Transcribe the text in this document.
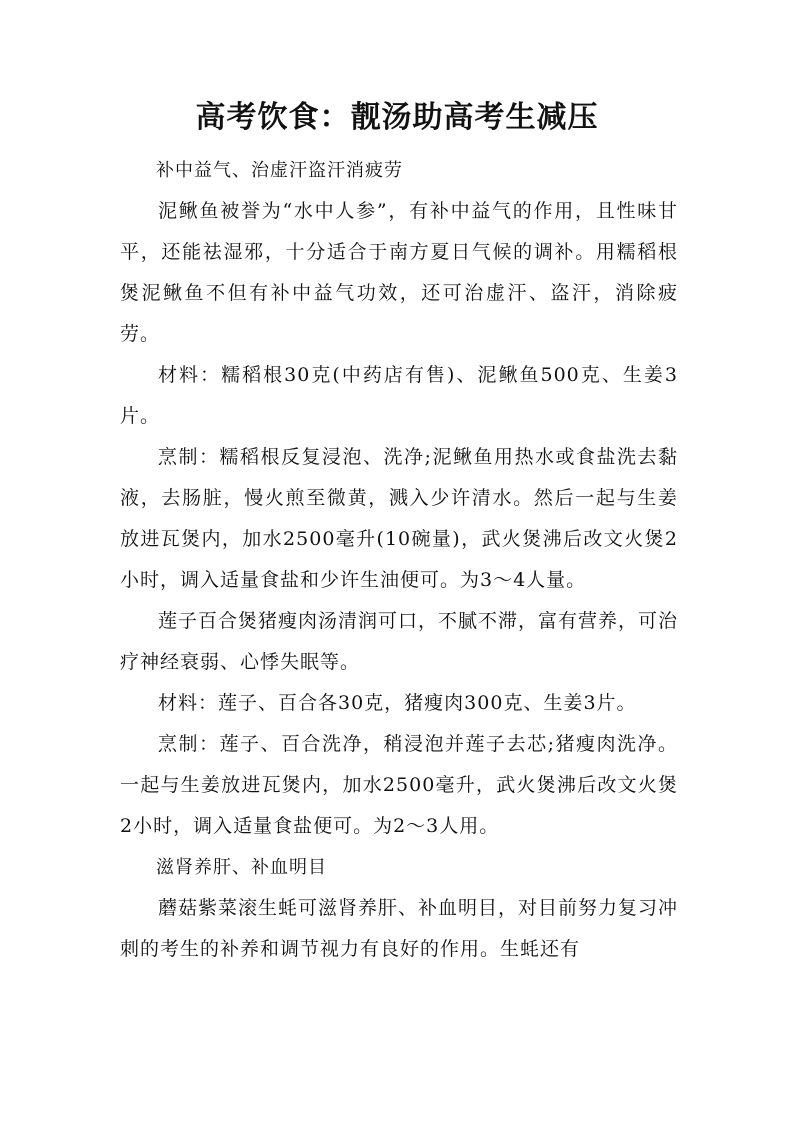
高考饮食：靓汤助高考生减压

补中益气、治虚汗盗汗消疲劳

泥鳅鱼被誉为“水中人参”，有补中益气的作用，且性味甘平，还能祛湿邪，十分适合于南方夏日气候的调补。用糯稻根煲泥鳅鱼不但有补中益气功效，还可治虚汗、盗汗，消除疲劳。

材料：糯稻根30克(中药店有售)、泥鳅鱼500克、生姜3片。

烹制：糯稻根反复浸泡、洗净;泥鳅鱼用热水或食盐洗去黏液，去肠脏，慢火煎至微黄，溅入少许清水。然后一起与生姜放进瓦煲内，加水2500毫升(10碗量)，武火煲沸后改文火煲2小时，调入适量食盐和少许生油便可。为3～4人量。

莲子百合煲猪瘦肉汤清润可口，不腻不滞，富有营养，可治疗神经衰弱、心悸失眠等。

材料：莲子、百合各30克，猪瘦肉300克、生姜3片。

烹制：莲子、百合洗净，稍浸泡并莲子去芯;猪瘦肉洗净。一起与生姜放进瓦煲内，加水2500毫升，武火煲沸后改文火煲2小时，调入适量食盐便可。为2～3人用。

滋肾养肝、补血明目

蘑菇紫菜滚生蚝可滋肾养肝、补血明目，对目前努力复习冲刺的考生的补养和调节视力有良好的作用。生蚝还有
